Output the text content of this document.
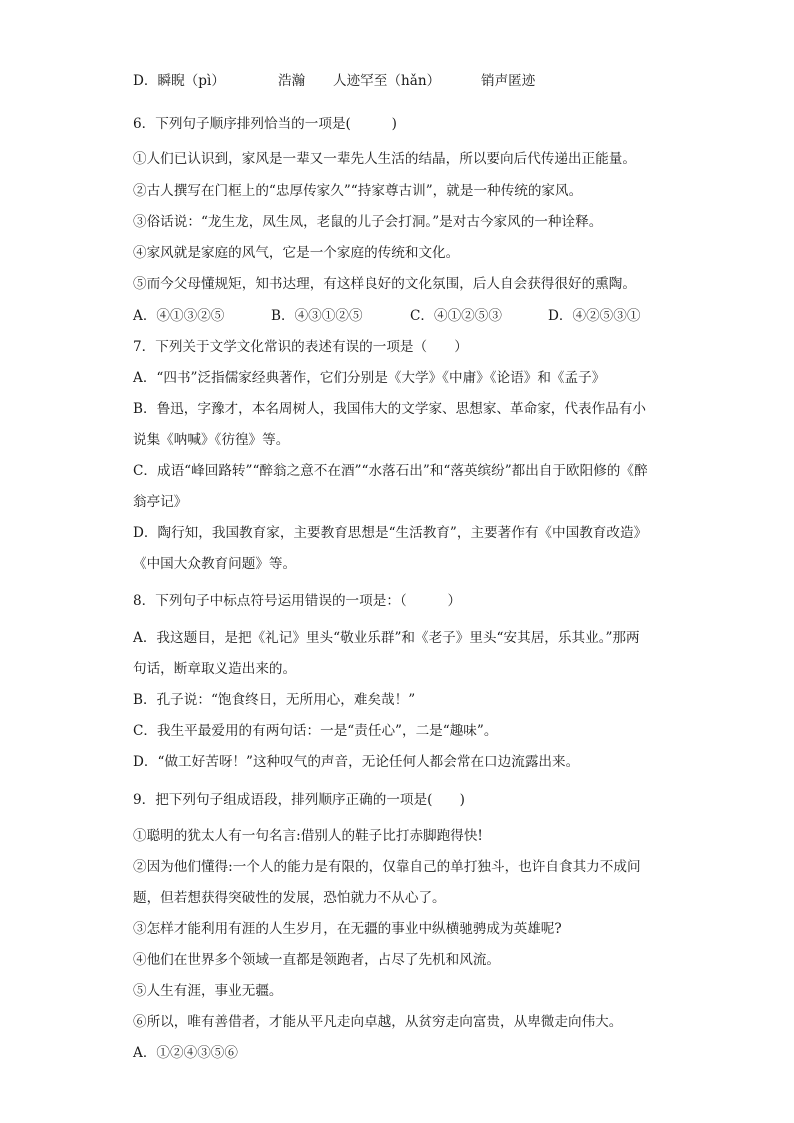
D．瞬睨（pì）	浩瀚 人迹罕至（hǎn）	销声匿迹
6．下列句子顺序排列恰当的一项是(　　　)
①人们已认识到，家风是一辈又一辈先人生活的结晶，所以要向后代传递出正能量。
②古人撰写在门框上的“忠厚传家久”“持家尊古训”，就是一种传统的家风。
③俗话说：“龙生龙，凤生凤，老鼠的儿子会打洞。”是对古今家风的一种诠释。
④家风就是家庭的风气，它是一个家庭的传统和文化。
⑤而今父母懂规矩，知书达理，有这样良好的文化氛围，后人自会获得很好的熏陶。
A．④①③②⑤	B．④③①②⑤	C．④①②⑤③	D．④②⑤③①
7．下列关于文学文化常识的表述有误的一项是（　　）
A．“四书”泛指儒家经典著作，它们分别是《大学》《中庸》《论语》和《孟子》
B．鲁迅，字豫才，本名周树人，我国伟大的文学家、思想家、革命家，代表作品有小
说集《呐喊》《彷徨》等。
C．成语“峰回路转”“醉翁之意不在酒”“水落石出”和“落英缤纷”都出自于欧阳修的《醉
翁亭记》
D．陶行知，我国教育家，主要教育思想是“生活教育”，主要著作有《中国教育改造》
《中国大众教育问题》等。
8．下列句子中标点符号运用错误的一项是：（　　　）
A．我这题目，是把《礼记》里头“敬业乐群”和《老子》里头“安其居，乐其业。”那两
句话，断章取义造出来的。
B．孔子说：“饱食终日，无所用心，难矣哉！”
C．我生平最爱用的有两句话：一是“责任心”，二是“趣味”。
D．“做工好苦呀！”这种叹气的声音，无论任何人都会常在口边流露出来。
9．把下列句子组成语段，排列顺序正确的一项是(　　)
①聪明的犹太人有一句名言:借别人的鞋子比打赤脚跑得快!
②因为他们懂得:一个人的能力是有限的，仅靠自己的单打独斗，也许自食其力不成问
题，但若想获得突破性的发展，恐怕就力不从心了。
③怎样才能利用有涯的人生岁月，在无疆的事业中纵横驰骋成为英雄呢?
④他们在世界多个领域一直都是领跑者，占尽了先机和风流。
⑤人生有涯，事业无疆。
⑥所以，唯有善借者，才能从平凡走向卓越，从贫穷走向富贵，从卑微走向伟大。
A．①②④③⑤⑥
